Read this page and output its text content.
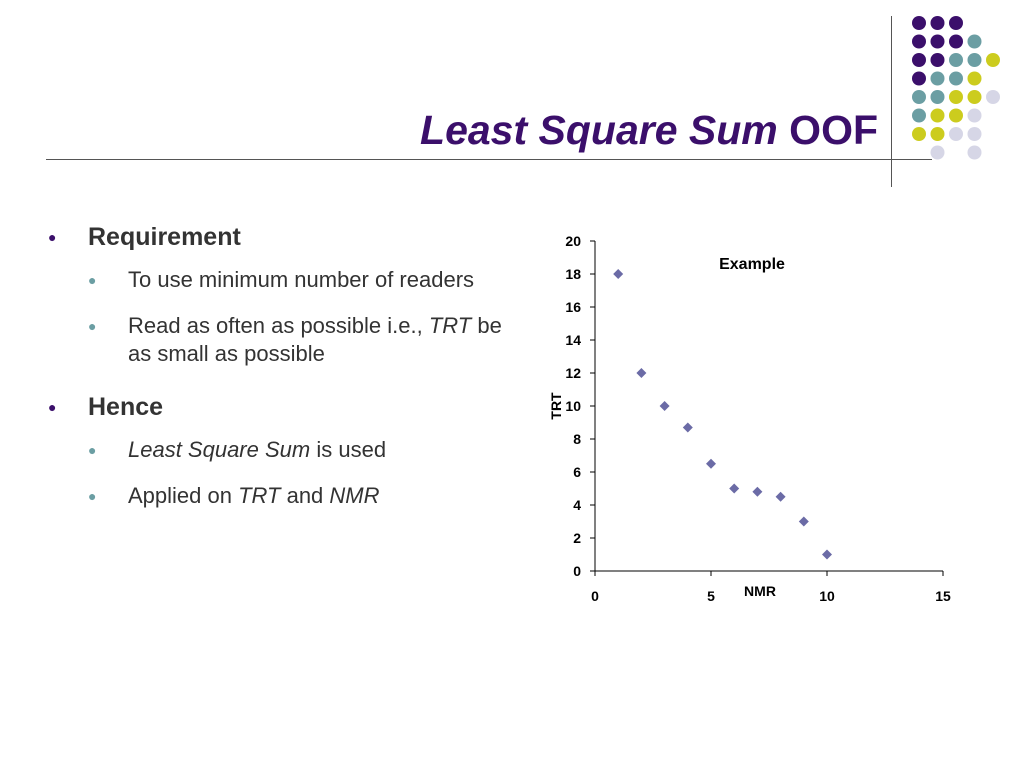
Least Square Sum OOF
● Requirement
● To use minimum number of readers
● Read as often as possible i.e., TRT be as small as possible
● Hence
● Least Square Sum is used
● Applied on TRT and NMR
Example
NMR
TRT
0
2
4
6
8
10
12
14
16
18
20
0	5	10	15
